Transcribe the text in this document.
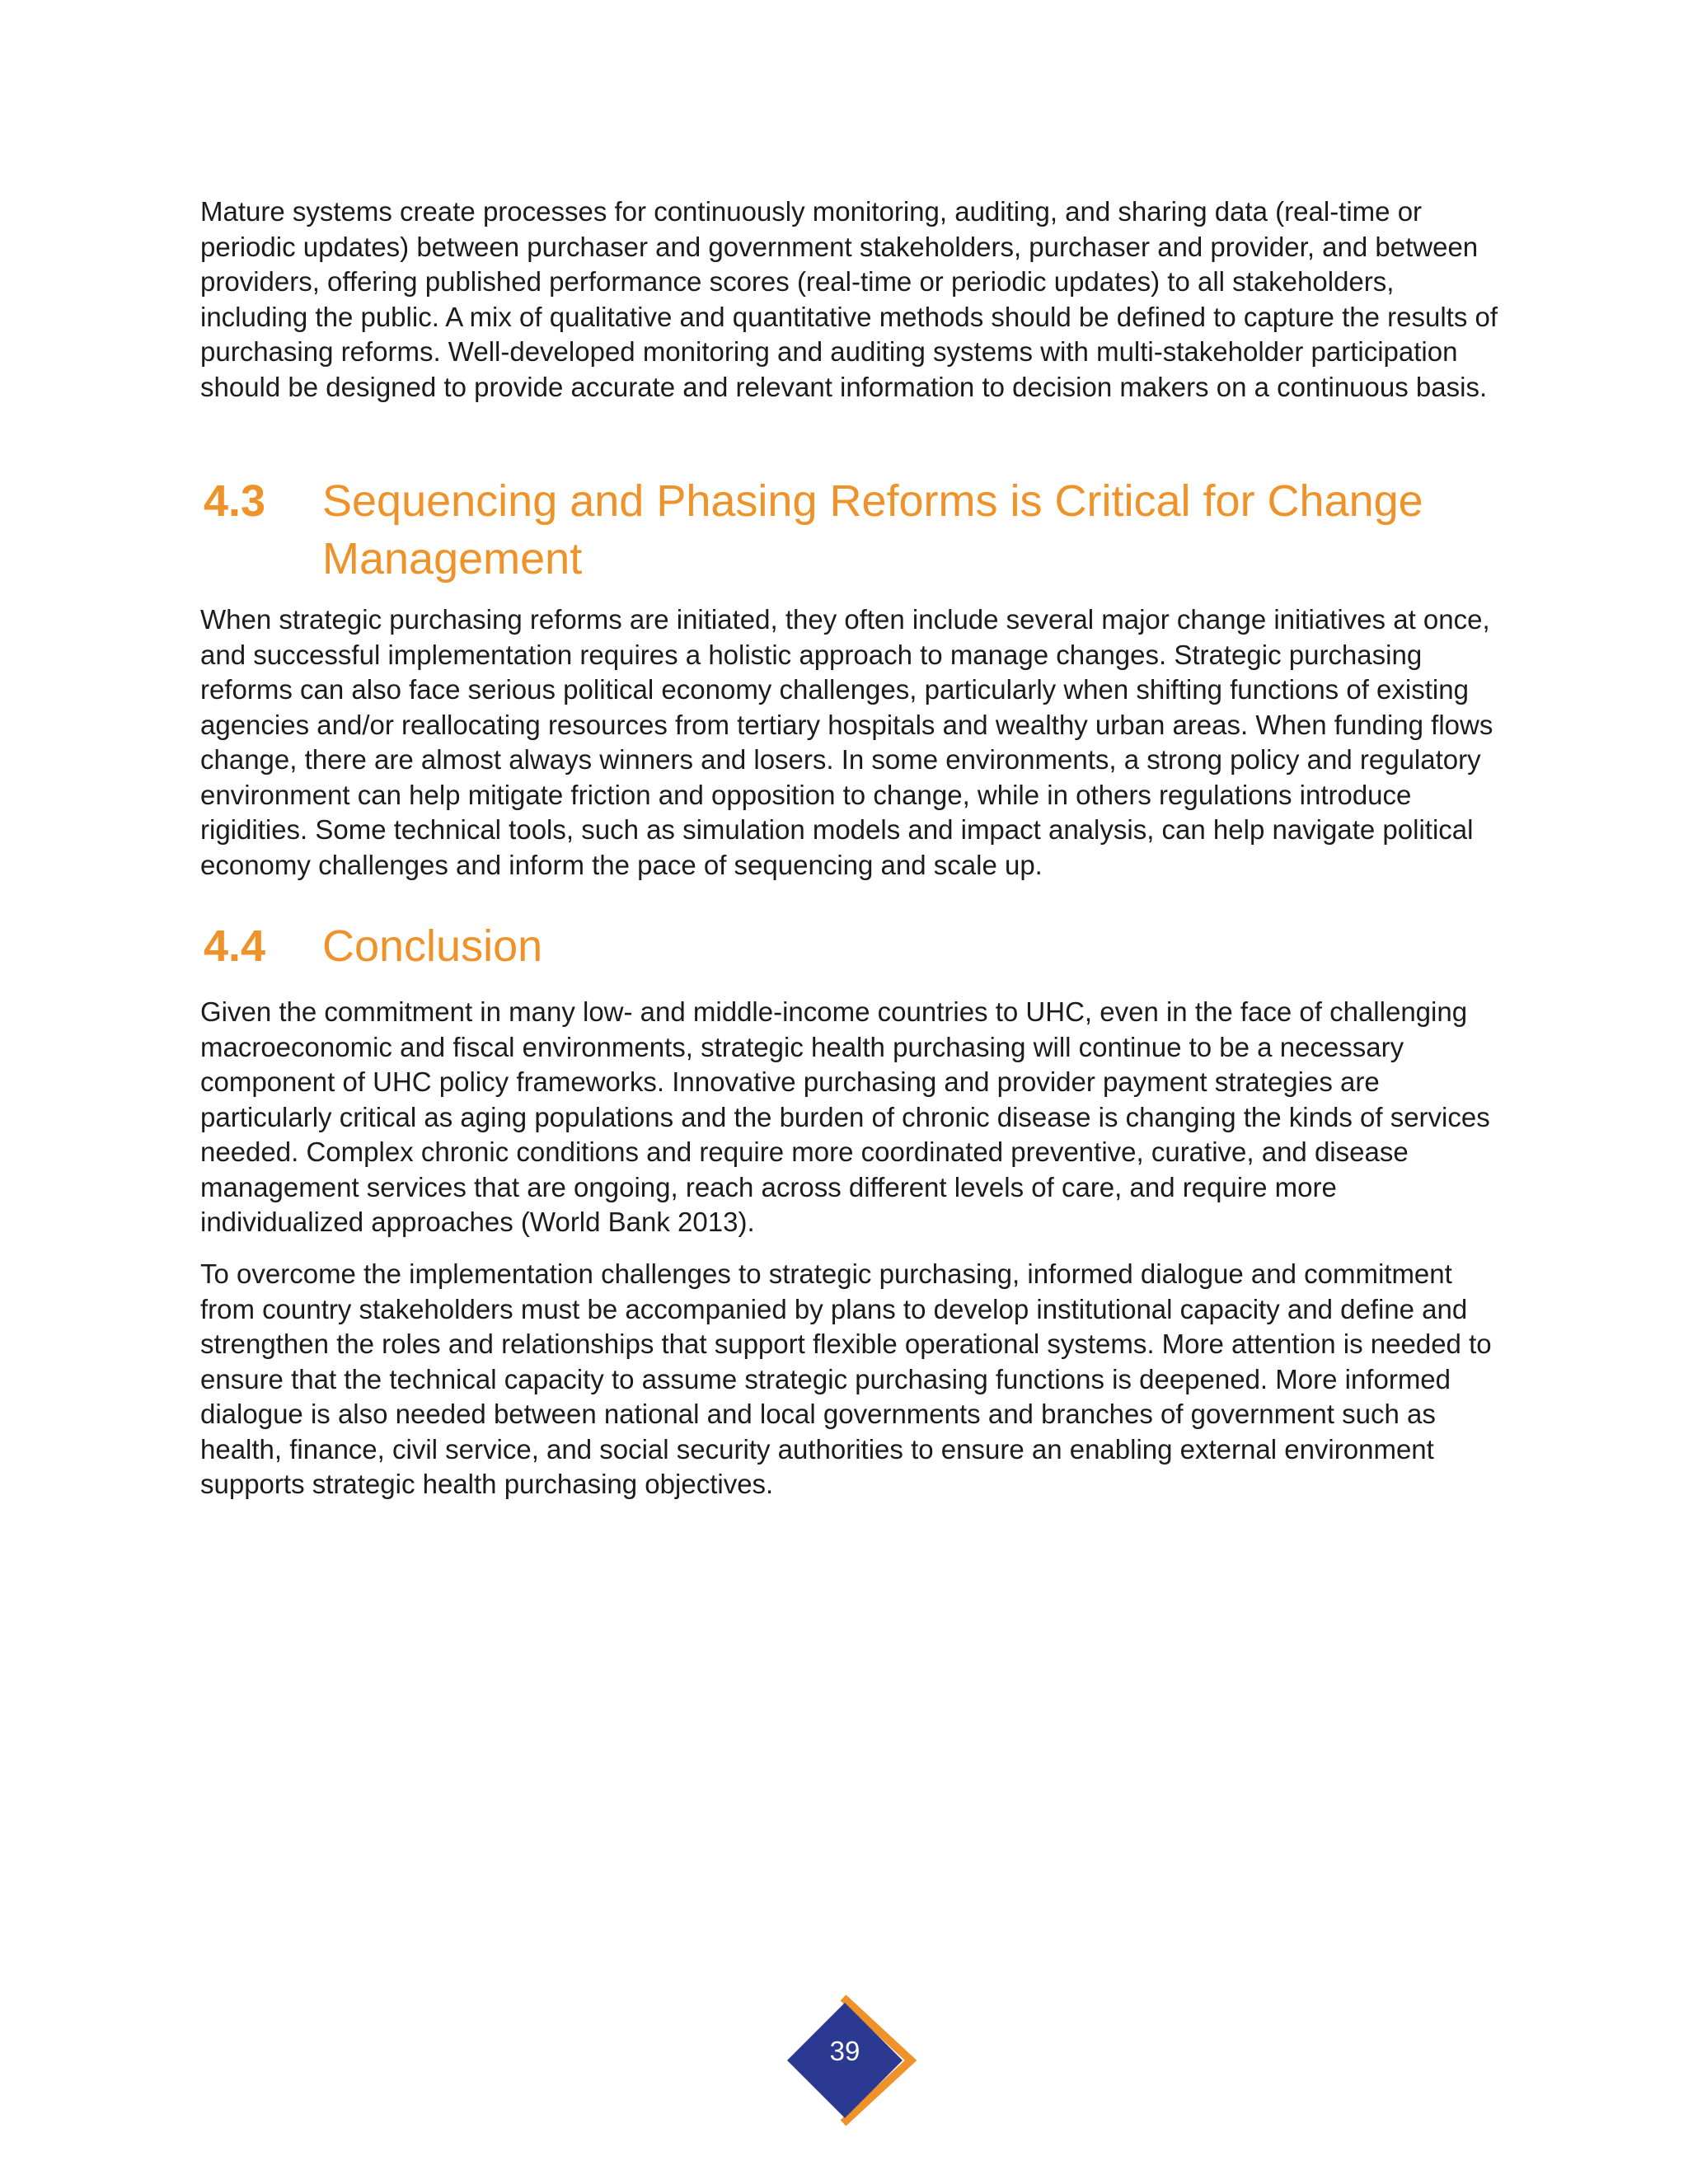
Mature systems create processes for continuously monitoring, auditing, and sharing data (real-time or periodic updates) between purchaser and government stakeholders, purchaser and provider, and between providers, offering published performance scores (real-time or periodic updates) to all stakeholders, including the public. A mix of qualitative and quantitative methods should be defined to capture the results of purchasing reforms. Well-developed monitoring and auditing systems with multi-stakeholder participation should be designed to provide accurate and relevant information to decision makers on a continuous basis.

4.3 Sequencing and Phasing Reforms is Critical for Change Management

When strategic purchasing reforms are initiated, they often include several major change initiatives at once, and successful implementation requires a holistic approach to manage changes. Strategic purchasing reforms can also face serious political economy challenges, particularly when shifting functions of existing agencies and/or reallocating resources from tertiary hospitals and wealthy urban areas. When funding flows change, there are almost always winners and losers. In some environments, a strong policy and regulatory environment can help mitigate friction and opposition to change, while in others regulations introduce rigidities. Some technical tools, such as simulation models and impact analysis, can help navigate political economy challenges and inform the pace of sequencing and scale up.

4.4 Conclusion

Given the commitment in many low- and middle-income countries to UHC, even in the face of challenging macroeconomic and fiscal environments, strategic health purchasing will continue to be a necessary component of UHC policy frameworks. Innovative purchasing and provider payment strategies are particularly critical as aging populations and the burden of chronic disease is changing the kinds of services needed. Complex chronic conditions and require more coordinated preventive, curative, and disease management services that are ongoing, reach across different levels of care, and require more individualized approaches (World Bank 2013).

To overcome the implementation challenges to strategic purchasing, informed dialogue and commitment from country stakeholders must be accompanied by plans to develop institutional capacity and define and strengthen the roles and relationships that support flexible operational systems. More attention is needed to ensure that the technical capacity to assume strategic purchasing functions is deepened. More informed dialogue is also needed between national and local governments and branches of government such as health, finance, civil service, and social security authorities to ensure an enabling external environment supports strategic health purchasing objectives.

39
